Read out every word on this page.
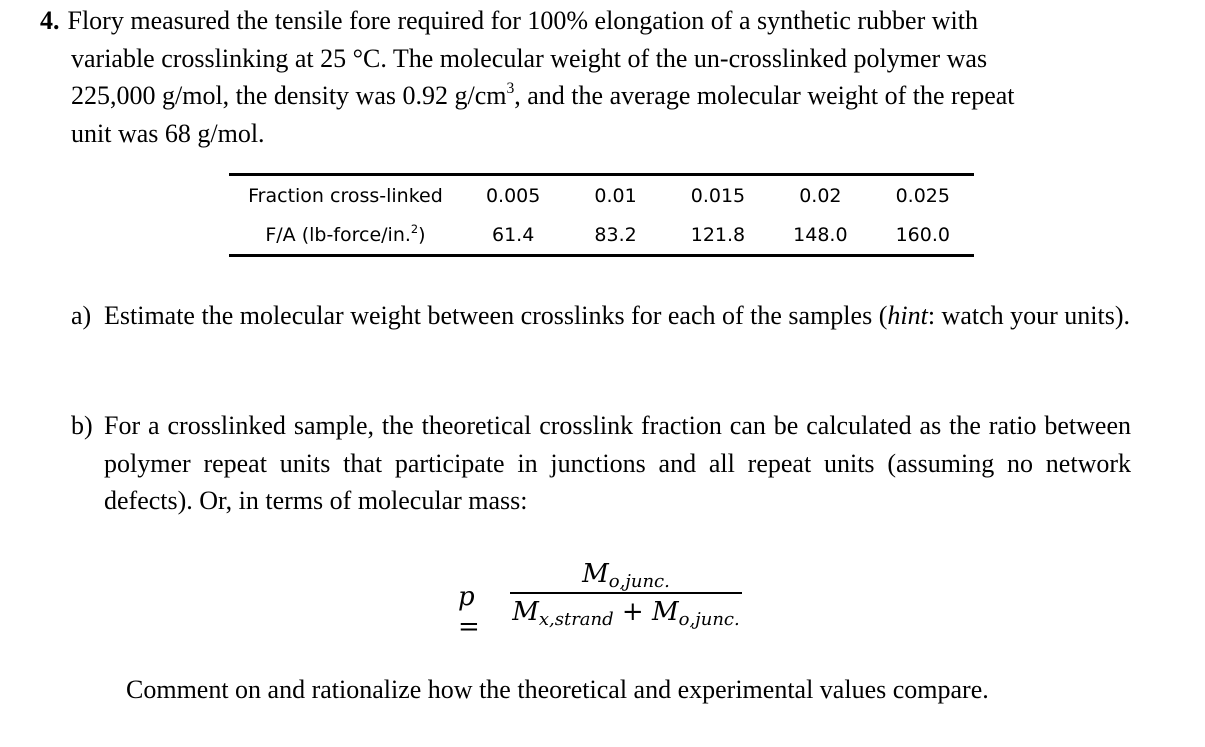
4. Flory measured the tensile fore required for 100% elongation of a synthetic rubber with
variable crosslinking at 25 °C. The molecular weight of the un-crosslinked polymer was
225,000 g/mol, the density was 0.92 $g/cm^3$, and the average molecular weight of the repeat
unit was 68 g/mol.
Fraction cross-linked	0.005	0.01	0.015	0.02	0.025
F/A (lb-force/in.$^2$)	61.4	83.2	121.8	148.0	160.0
a) Estimate the molecular weight between crosslinks for each of the samples (hint: watch your units).
b) For a crosslinked sample, the theoretical crosslink fraction can be calculated as the ratio between polymer repeat units that participate in junctions and all repeat units (assuming no network defects). Or, in terms of molecular mass:
p =
$M_{o,junc.}$
$M_{x,strand} + M_{o,junc.}$
Comment on and rationalize how the theoretical and experimental values compare.
